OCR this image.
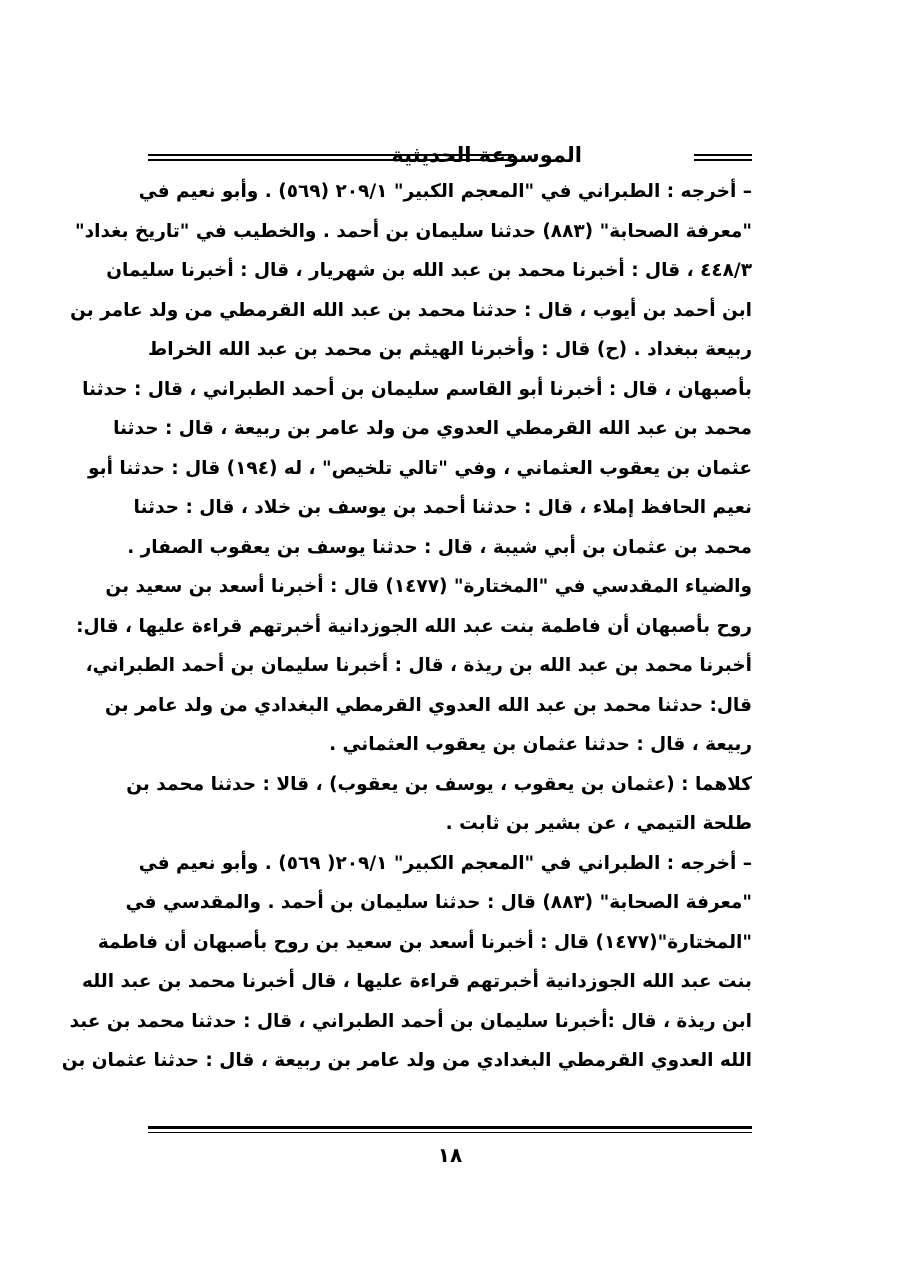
الموسوعة الحديثية
– أخرجه : الطبراني في "المعجم الكبير" ٢٠٩/١ (٥٦٩) . وأبو نعيم في
"معرفة الصحابة" (٨٨٣) حدثنا سليمان بن أحمد . والخطيب في "تاريخ بغداد"
٤٤٨/٣ ، قال : أخبرنا محمد بن عبد الله بن شهريار ، قال : أخبرنا سليمان
ابن أحمد بن أيوب ، قال : حدثنا محمد بن عبد الله القرمطي من ولد عامر بن
ربيعة ببغداد . (ح) قال : وأخبرنا الهيثم بن محمد بن عبد الله الخراط
بأصبهان ، قال : أخبرنا أبو القاسم سليمان بن أحمد الطبراني ، قال : حدثنا
محمد بن عبد الله القرمطي العدوي من ولد عامر بن ربيعة ، قال : حدثنا
عثمان بن يعقوب العثماني ، وفي "تالي تلخيص" ، له (١٩٤) قال : حدثنا أبو
نعيم الحافظ إملاء ، قال : حدثنا أحمد بن يوسف بن خلاد ، قال : حدثنا
محمد بن عثمان بن أبي شيبة ، قال : حدثنا يوسف بن يعقوب الصفار .
والضياء المقدسي في "المختارة" (١٤٧٧) قال : أخبرنا أسعد بن سعيد بن
روح بأصبهان أن فاطمة بنت عبد الله الجوزدانية أخبرتهم قراءة عليها ، قال:
أخبرنا محمد بن عبد الله بن ريذة ، قال : أخبرنا سليمان بن أحمد الطبراني،
قال: حدثنا محمد بن عبد الله العدوي القرمطي البغدادي من ولد عامر بن
ربيعة ، قال : حدثنا عثمان بن يعقوب العثماني .
كلاهما : (عثمان بن يعقوب ، يوسف بن يعقوب) ، قالا : حدثنا محمد بن
طلحة التيمي ، عن بشير بن ثابت .
– أخرجه : الطبراني في "المعجم الكبير" ٢٠٩/١( ٥٦٩) . وأبو نعيم في
"معرفة الصحابة" (٨٨٣) قال : حدثنا سليمان بن أحمد . والمقدسي في
"المختارة"(١٤٧٧) قال : أخبرنا أسعد بن سعيد بن روح بأصبهان أن فاطمة
بنت عبد الله الجوزدانية أخبرتهم قراءة عليها ، قال أخبرنا محمد بن عبد الله
ابن ريذة ، قال :أخبرنا سليمان بن أحمد الطبراني ، قال : حدثنا محمد بن عبد
الله العدوي القرمطي البغدادي من ولد عامر بن ربيعة ، قال : حدثنا عثمان بن
١٨
